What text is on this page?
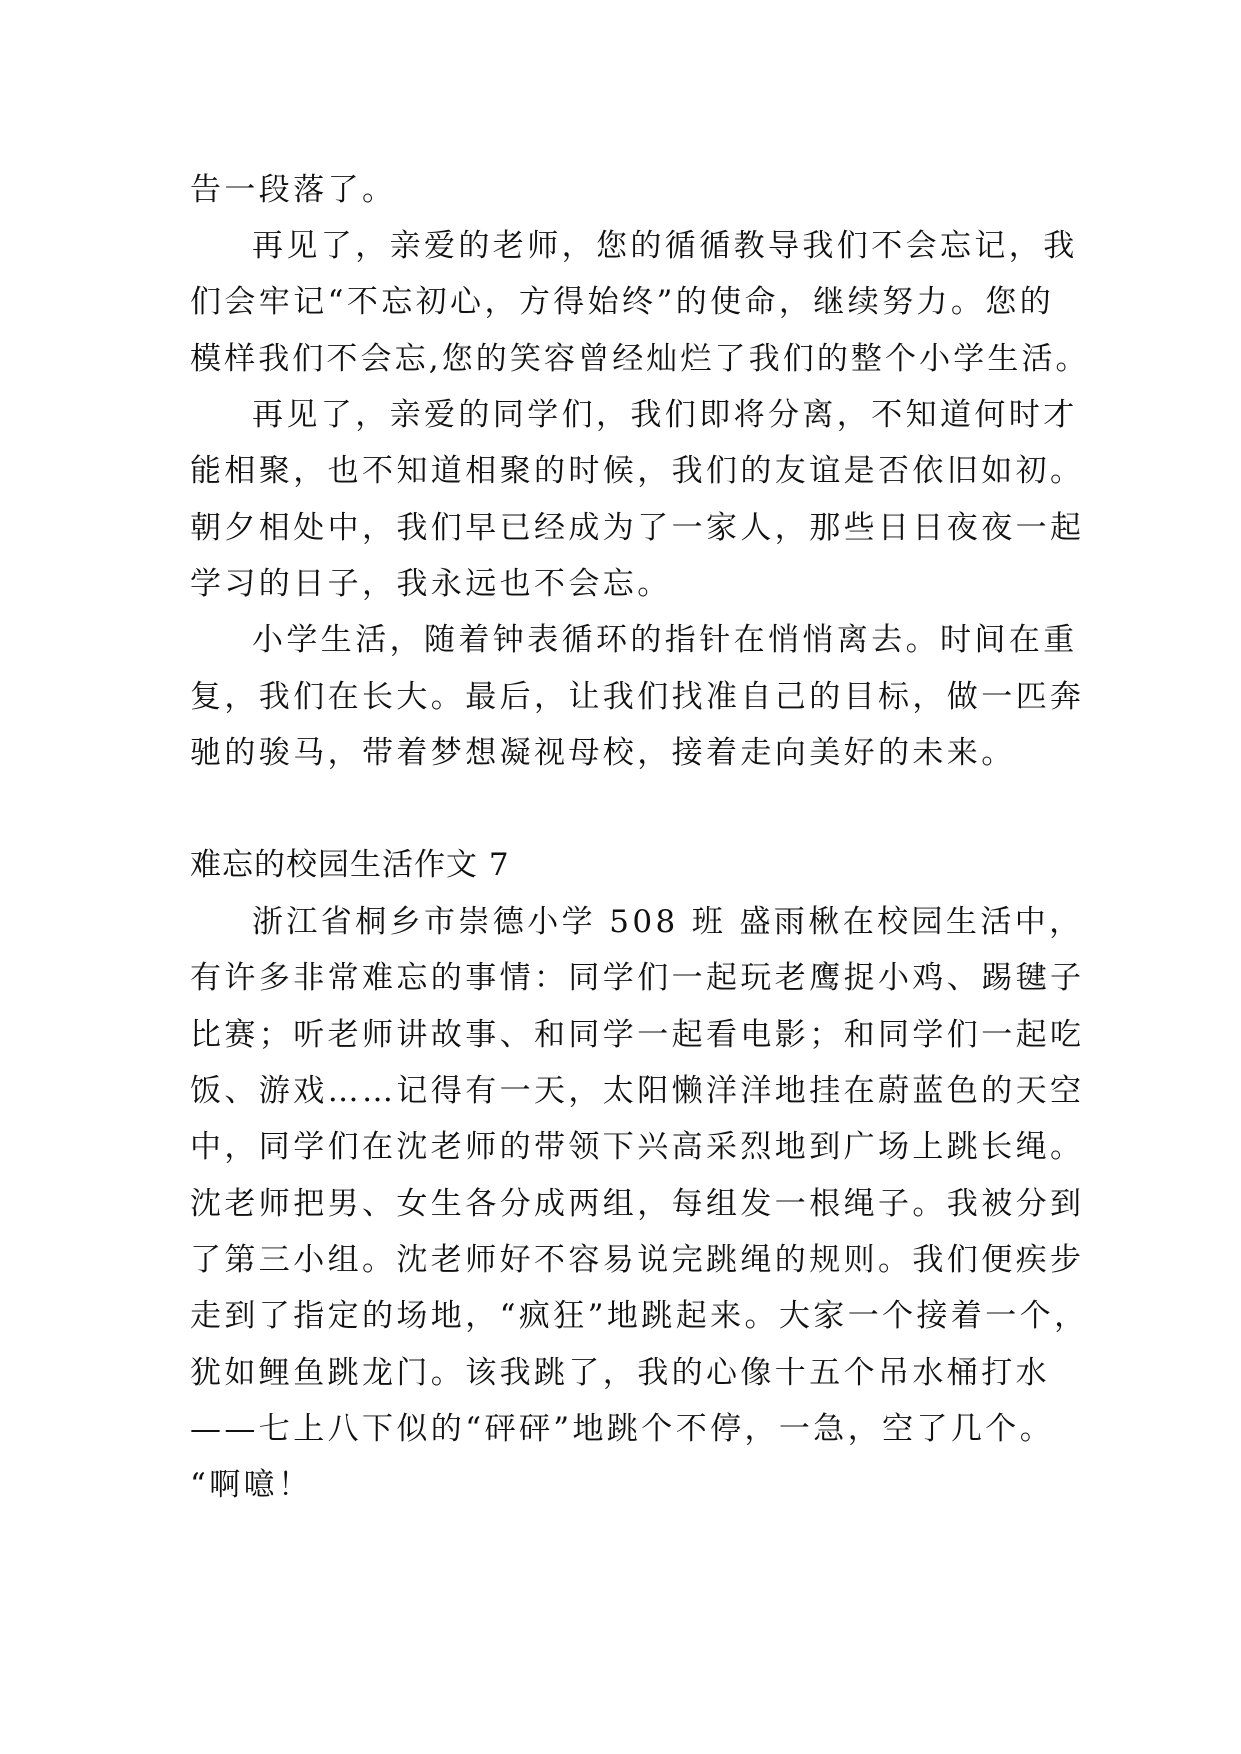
告一段落了。

再见了，亲爱的老师，您的循循教导我们不会忘记，我

们会牢记“不忘初心，方得始终”的使命，继续努力。您的

模样我们不会忘,您的笑容曾经灿烂了我们的整个小学生活。

再见了，亲爱的同学们，我们即将分离，不知道何时才

能相聚，也不知道相聚的时候，我们的友谊是否依旧如初。

朝夕相处中，我们早已经成为了一家人，那些日日夜夜一起

学习的日子，我永远也不会忘。

小学生活，随着钟表循环的指针在悄悄离去。时间在重

复，我们在长大。最后，让我们找准自己的目标，做一匹奔

驰的骏马，带着梦想凝视母校，接着走向美好的未来。

难忘的校园生活作文 7

浙江省桐乡市崇德小学 508 班 盛雨楸在校园生活中，

有许多非常难忘的事情：同学们一起玩老鹰捉小鸡、踢毽子

比赛；听老师讲故事、和同学一起看电影；和同学们一起吃

饭、游戏……记得有一天，太阳懒洋洋地挂在蔚蓝色的天空

中，同学们在沈老师的带领下兴高采烈地到广场上跳长绳。

沈老师把男、女生各分成两组，每组发一根绳子。我被分到

了第三小组。沈老师好不容易说完跳绳的规则。我们便疾步

走到了指定的场地，“疯狂”地跳起来。大家一个接着一个，

犹如鲤鱼跳龙门。该我跳了，我的心像十五个吊水桶打水

——七上八下似的“砰砰”地跳个不停，一急，空了几个。

“啊噫！
